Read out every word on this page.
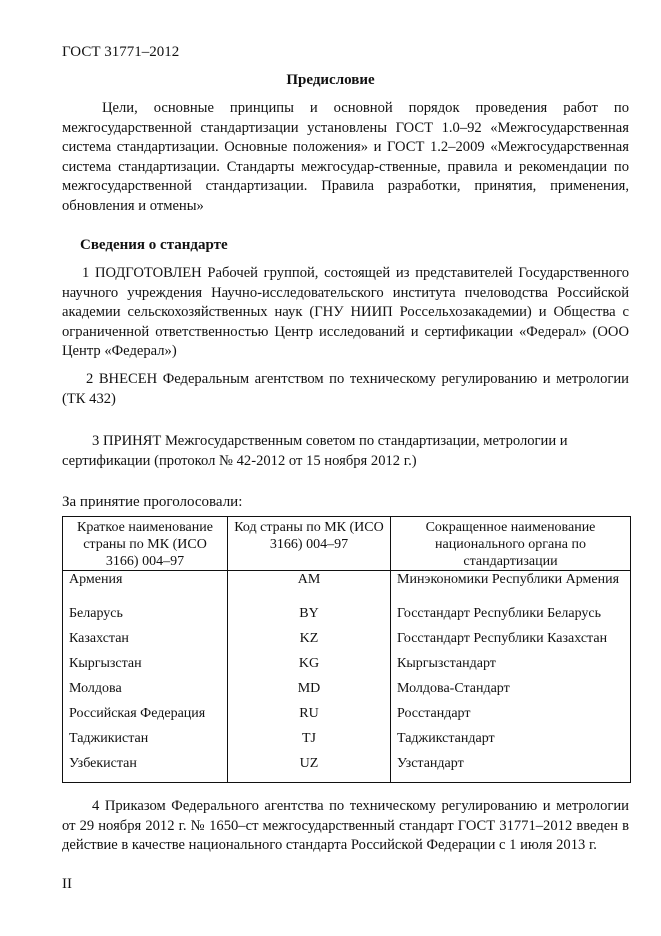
ГОСТ 31771–2012
Предисловие
Цели, основные принципы и основной порядок проведения работ по межгосударственной стандартизации установлены ГОСТ 1.0–92 «Межгосударственная система стандартизации. Основные положения» и ГОСТ 1.2–2009 «Межгосударственная система стандартизации. Стандарты межгосудар-ственные, правила и рекомендации по межгосударственной стандартизации. Правила разработки, принятия, применения, обновления и отмены»
Сведения о стандарте
1 ПОДГОТОВЛЕН Рабочей группой, состоящей из представителей Государственного научного учреждения Научно-исследовательского института пчеловодства Российской академии сельскохозяйственных наук (ГНУ НИИП Россельхозакадемии) и Общества с ограниченной ответственностью Центр исследований и сертификации «Федерал» (ООО Центр «Федерал»)
2 ВНЕСЕН Федеральным агентством по техническому регулированию и метрологии (ТК 432)
3 ПРИНЯТ Межгосударственным советом по стандартизации, метрологии и сертификации (протокол № 42-2012 от 15 ноября 2012 г.)
За принятие проголосовали:
Краткое наименование страны по МК (ИСО 3166) 004–97	Код страны по МК (ИСО 3166) 004–97	Сокращенное наименование национального органа по стандартизации
Армения	AM	Минэкономики Республики Армения
Беларусь	BY	Госстандарт Республики Беларусь
Казахстан	KZ	Госстандарт Республики Казахстан
Кыргызстан	KG	Кыргызстандарт
Молдова	MD	Молдова-Стандарт
Российская Федерация	RU	Росстандарт
Таджикистан	TJ	Таджикстандарт
Узбекистан	UZ	Узстандарт
4 Приказом Федерального агентства по техническому регулированию и метрологии от 29 ноября 2012 г. № 1650–ст межгосударственный стандарт ГОСТ 31771–2012 введен в действие в качестве национального стандарта Российской Федерации с 1 июля 2013 г.
II
